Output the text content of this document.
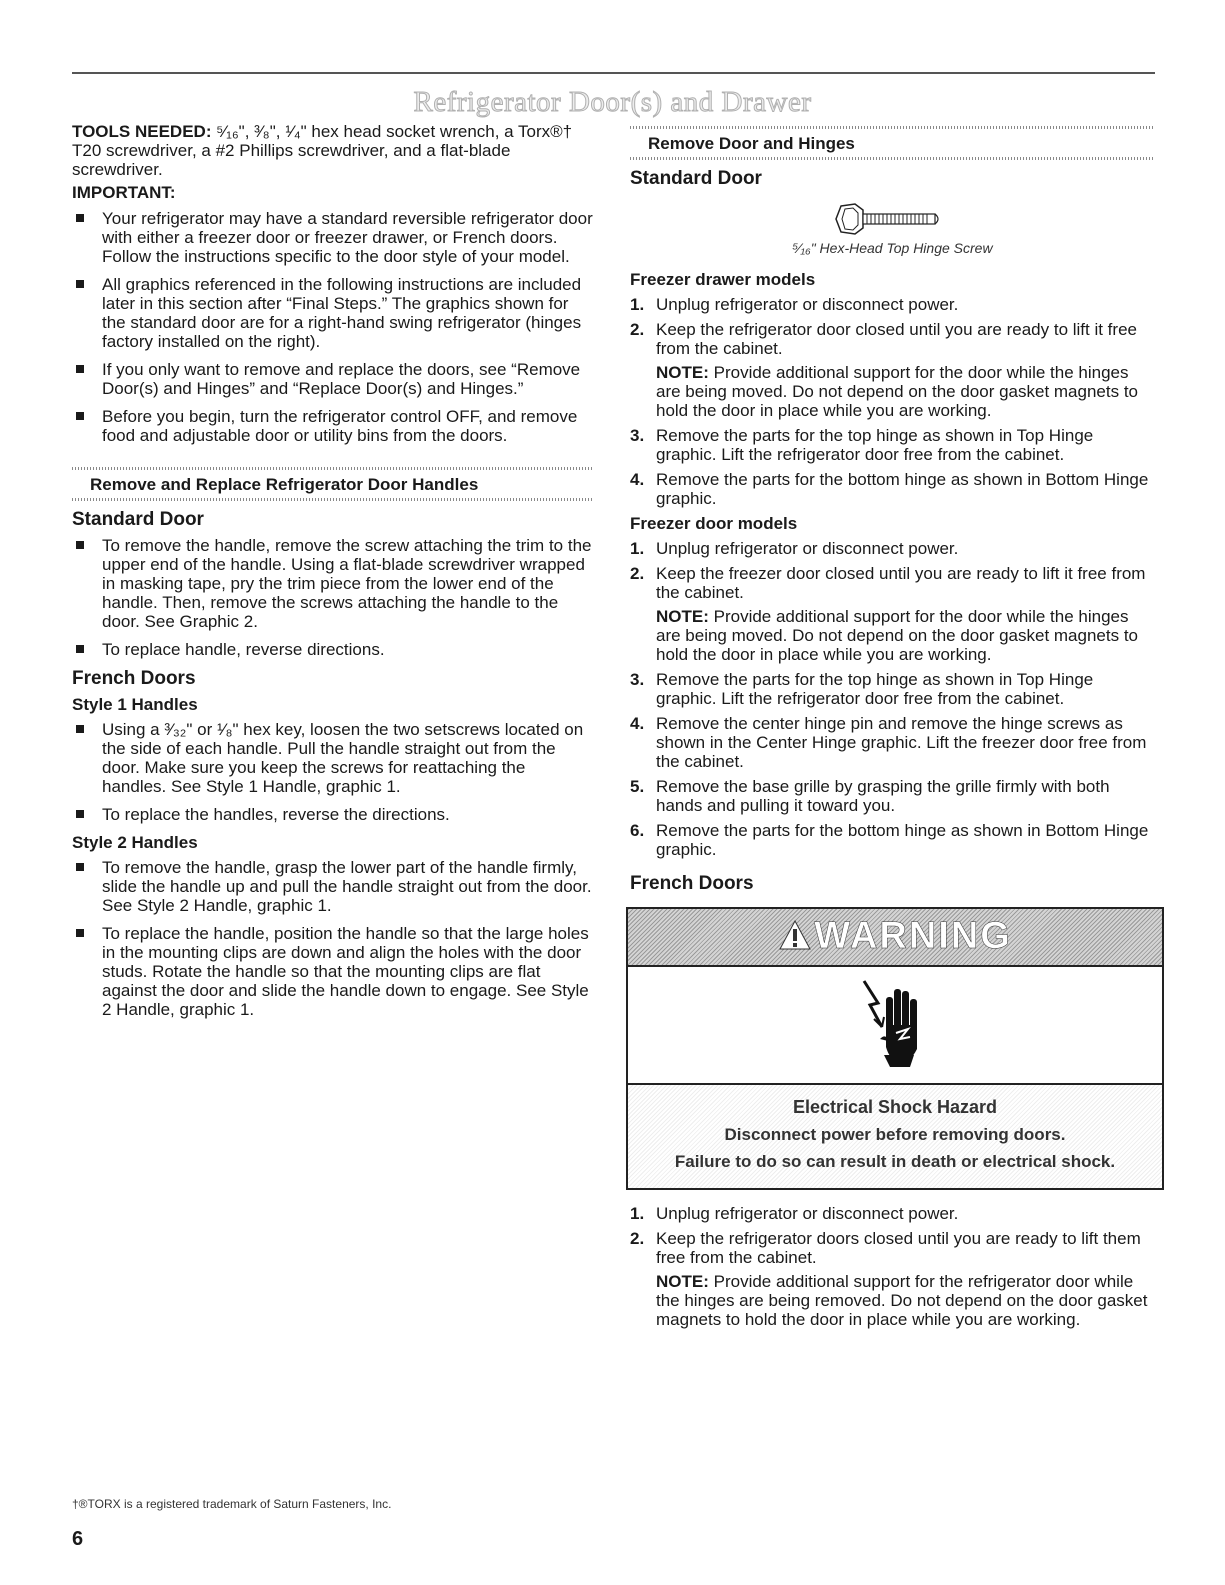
Refrigerator Door(s) and Drawer

TOOLS NEEDED: ⁵⁄₁₆", ³⁄₈", ¹⁄₄" hex head socket wrench, a Torx®† T20 screwdriver, a #2 Phillips screwdriver, and a flat-blade screwdriver.

IMPORTANT:

Your refrigerator may have a standard reversible refrigerator door with either a freezer door or freezer drawer, or French doors. Follow the instructions specific to the door style of your model.
All graphics referenced in the following instructions are included later in this section after “Final Steps.” The graphics shown for the standard door are for a right-hand swing refrigerator (hinges factory installed on the right).
If you only want to remove and replace the doors, see “Remove Door(s) and Hinges” and “Replace Door(s) and Hinges.”
Before you begin, turn the refrigerator control OFF, and remove food and adjustable door or utility bins from the doors.
Remove and Replace Refrigerator Door Handles

Standard Door

To remove the handle, remove the screw attaching the trim to the upper end of the handle. Using a flat-blade screwdriver wrapped in masking tape, pry the trim piece from the lower end of the handle. Then, remove the screws attaching the handle to the door. See Graphic 2.
To replace handle, reverse directions.

French Doors

Style 1 Handles

Using a ³⁄₃₂" or ¹⁄₈" hex key, loosen the two setscrews located on the side of each handle. Pull the handle straight out from the door. Make sure you keep the screws for reattaching the handles. See Style 1 Handle, graphic 1.
To replace the handles, reverse the directions.

Style 2 Handles

To remove the handle, grasp the lower part of the handle firmly, slide the handle up and pull the handle straight out from the door. See Style 2 Handle, graphic 1.
To replace the handle, position the handle so that the large holes in the mounting clips are down and align the holes with the door studs. Rotate the handle so that the mounting clips are flat against the door and slide the handle down to engage. See Style 2 Handle, graphic 1.
Remove Door and Hinges

Standard Door

⁵⁄₁₆" Hex-Head Top Hinge Screw

Freezer drawer models

1. Unplug refrigerator or disconnect power.
2. Keep the refrigerator door closed until you are ready to lift it free from the cabinet.
NOTE: Provide additional support for the door while the hinges are being moved. Do not depend on the door gasket magnets to hold the door in place while you are working.
3. Remove the parts for the top hinge as shown in Top Hinge graphic. Lift the refrigerator door free from the cabinet.
4. Remove the parts for the bottom hinge as shown in Bottom Hinge graphic.

Freezer door models

1. Unplug refrigerator or disconnect power.
2. Keep the freezer door closed until you are ready to lift it free from the cabinet.
NOTE: Provide additional support for the door while the hinges are being moved. Do not depend on the door gasket magnets to hold the door in place while you are working.
3. Remove the parts for the top hinge as shown in Top Hinge graphic. Lift the refrigerator door free from the cabinet.
4. Remove the center hinge pin and remove the hinge screws as shown in the Center Hinge graphic. Lift the freezer door free from the cabinet.
5. Remove the base grille by grasping the grille firmly with both hands and pulling it toward you.
6. Remove the parts for the bottom hinge as shown in Bottom Hinge graphic.

French Doors

WARNING

Electrical Shock Hazard

Disconnect power before removing doors.

Failure to do so can result in death or electrical shock.

1. Unplug refrigerator or disconnect power.
2. Keep the refrigerator doors closed until you are ready to lift them free from the cabinet.
NOTE: Provide additional support for the refrigerator door while the hinges are being removed. Do not depend on the door gasket magnets to hold the door in place while you are working.
†®TORX is a registered trademark of Saturn Fasteners, Inc.
6
